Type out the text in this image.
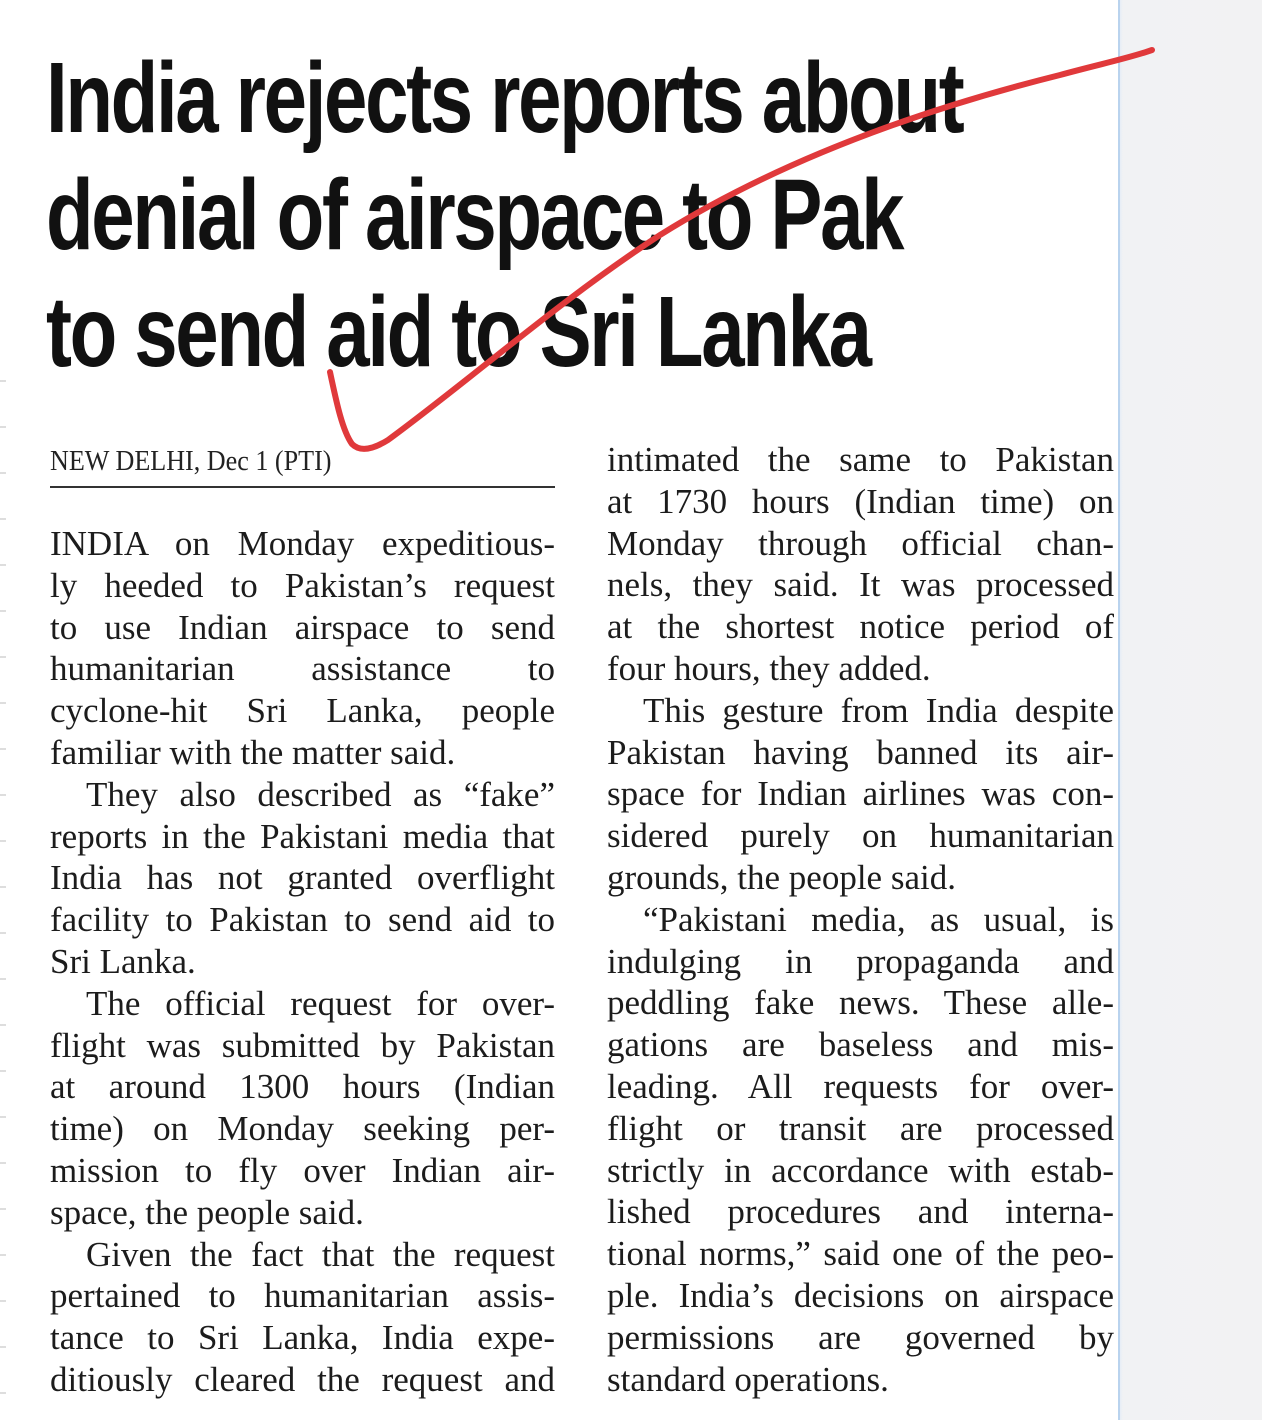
India rejects reports about
denial of airspace to Pak
to send aid to Sri Lanka
NEW DELHI, Dec 1 (PTI)
INDIA on Monday expeditious-
ly heeded to Pakistan’s request
to use Indian airspace to send
humanitarian assistance to
cyclone-hit Sri Lanka, people
familiar with the matter said.
They also described as “fake”
reports in the Pakistani media that
India has not granted overflight
facility to Pakistan to send aid to
Sri Lanka.
The official request for over-
flight was submitted by Pakistan
at around 1300 hours (Indian
time) on Monday seeking per-
mission to fly over Indian air-
space, the people said.
Given the fact that the request
pertained to humanitarian assis-
tance to Sri Lanka, India expe-
ditiously cleared the request and
intimated the same to Pakistan
at 1730 hours (Indian time) on
Monday through official chan-
nels, they said. It was processed
at the shortest notice period of
four hours, they added.
This gesture from India despite
Pakistan having banned its air-
space for Indian airlines was con-
sidered purely on humanitarian
grounds, the people said.
“Pakistani media, as usual, is
indulging in propaganda and
peddling fake news. These alle-
gations are baseless and mis-
leading. All requests for over-
flight or transit are processed
strictly in accordance with estab-
lished procedures and interna-
tional norms,” said one of the peo-
ple. India’s decisions on airspace
permissions are governed by
standard operations.
